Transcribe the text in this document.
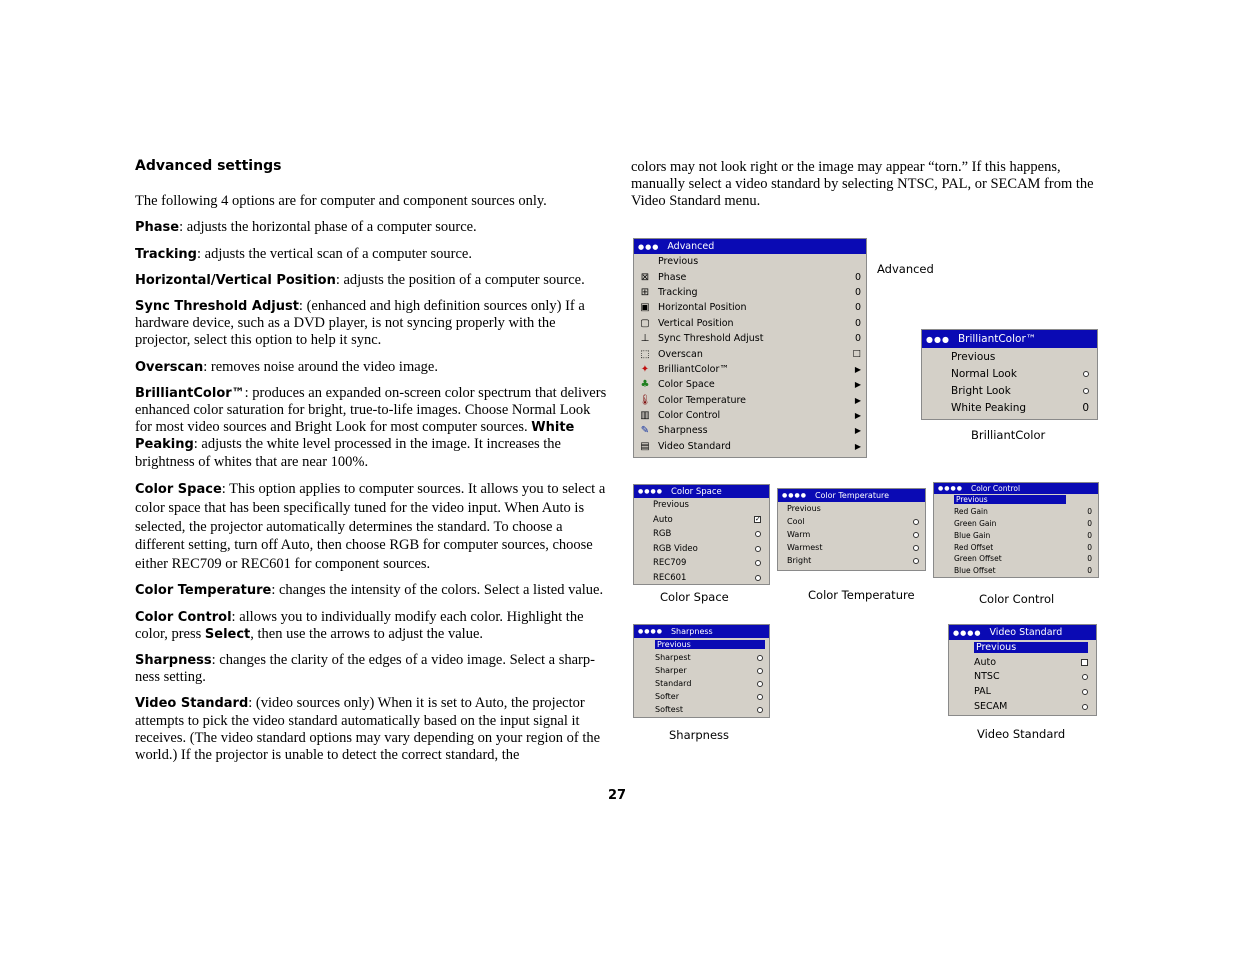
Advanced settings

The following 4 options are for computer and component sources only.

Phase: adjusts the horizontal phase of a computer source.

Tracking: adjusts the vertical scan of a computer source.

Horizontal/Vertical Position: adjusts the position of a computer source.

Sync Threshold Adjust: (enhanced and high definition sources only) If a hardware device, such as a DVD player, is not syncing properly with the projector, select this option to help it sync.

Overscan: removes noise around the video image.

BrilliantColor™: produces an expanded on-screen color spectrum that delivers enhanced color saturation for bright, true-to-life images. Choose Normal Look for most video sources and Bright Look for most computer sources. White Peaking: adjusts the white level processed in the image. It increases the brightness of whites that are near 100%.

Color Space: This option applies to computer sources. It allows you to select a color space that has been specifically tuned for the video input. When Auto is selected, the projector automatically determines the standard. To choose a different setting, turn off Auto, then choose RGB for computer sources, choose either REC709 or REC601 for component sources.

Color Temperature: changes the intensity of the colors. Select a listed value.

Color Control: allows you to individually modify each color. Highlight the color, press Select, then use the arrows to adjust the value.

Sharpness: changes the clarity of the edges of a video image. Select a sharp-ness setting.

Video Standard: (video sources only) When it is set to Auto, the projector attempts to pick the video standard automatically based on the input signal it receives. (The video standard options may vary depending on your region of the world.) If the projector is unable to detect the correct standard, the

colors may not look right or the image may appear “torn.” If this happens, manually select a video standard by selecting NTSC, PAL, or SECAM from the Video Standard menu.

27
●●● Advanced
Previous
⊠ Phase	0
⊞ Tracking	0
▣ Horizontal Position	0
▢ Vertical Position	0
⊥ Sync Threshold Adjust	0
⬚ Overscan	☐
✦ BrilliantColor™	▶
♣ Color Space	▶
🌡 Color Temperature	▶
▥ Color Control	▶
✎ Sharpness	▶
▤ Video Standard	▶
Advanced
●●● BrilliantColor™
Previous
Normal Look
Bright Look
White Peaking	0
BrilliantColor
●●●● Color Space
Previous
Auto	✓
RGB
RGB Video
REC709
REC601
Color Space
●●●● Color Temperature
Previous
Cool
Warm
Warmest
Bright
Color Temperature
●●●● Color Control
Previous
Red Gain	0
Green Gain	0
Blue Gain	0
Red Offset	0
Green Offset	0
Blue Offset	0
Color Control
●●●● Sharpness
Previous
Sharpest
Sharper
Standard
Softer
Softest
Sharpness
●●●● Video Standard
Previous
Auto
NTSC
PAL
SECAM
Video Standard
